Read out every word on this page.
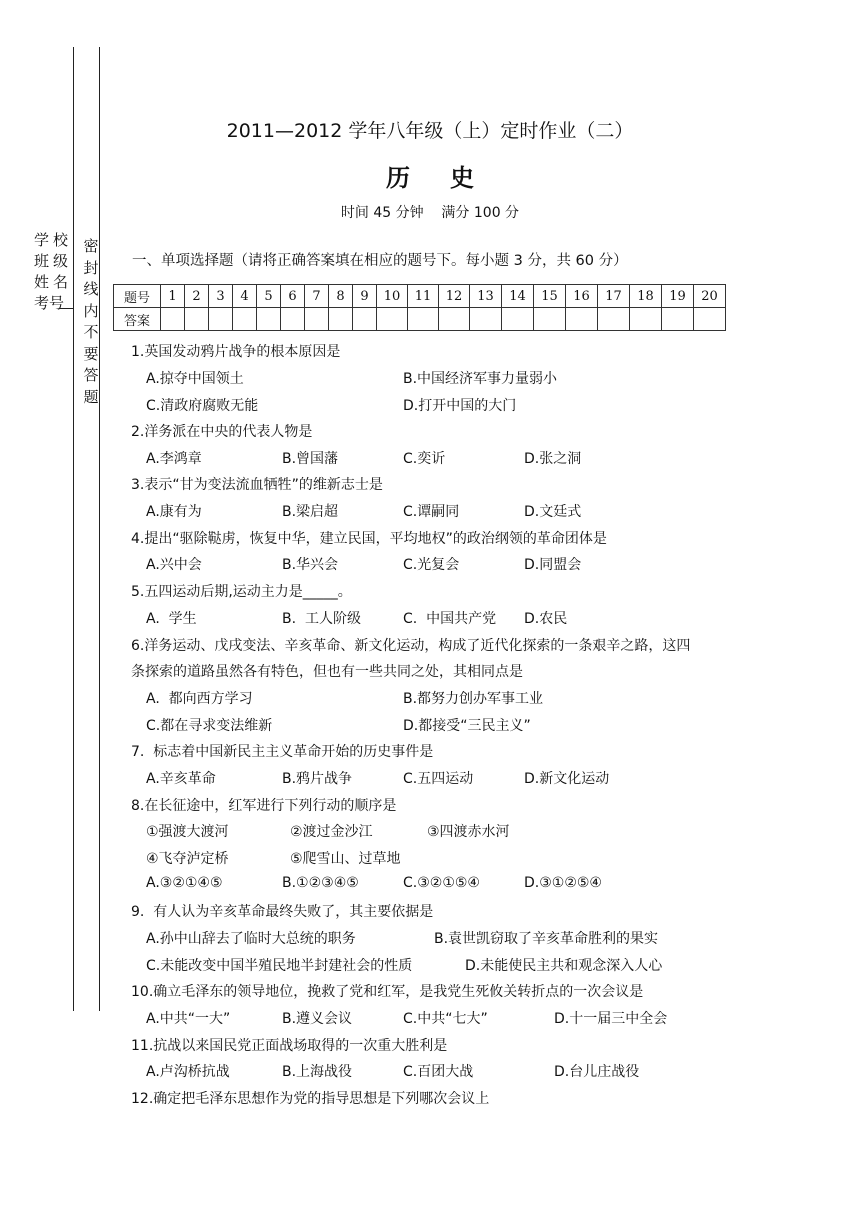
学校
班级
姓名
考号
密
封
线
内
不
要
答
题
2011—2012 学年八年级（上）定时作业（二）
历史
时间 45 分钟    满分 100 分
一、单项选择题（请将正确答案填在相应的题号下。每小题 3 分，共 60 分）
题号	1	2	3	4	5	6	7	8	9	10	11	12	13	14	15	16	17	18	19	20
答案																				
1.英国发动鸦片战争的根本原因是
A.掠夺中国领土	B.中国经济军事力量弱小
C.清政府腐败无能	D.打开中国的大门
2.洋务派在中央的代表人物是
A.李鸿章	B.曾国藩	C.奕䜣	D.张之洞
3.表示“甘为变法流血牺牲”的维新志士是
A.康有为	B.梁启超	C.谭嗣同	D.文廷式
4.提出“驱除鞑虏，恢复中华，建立民国，平均地权”的政治纲领的革命团体是
A.兴中会	B.华兴会	C.光复会	D.同盟会
5.五四运动后期,运动主力是_____。
A.  学生	B.  工人阶级	C.  中国共产党 D.农民
6.洋务运动、戊戌变法、辛亥革命、新文化运动，构成了近代化探索的一条艰辛之路，这四
条探索的道路虽然各有特色，但也有一些共同之处，其相同点是
A.  都向西方学习	B.都努力创办军事工业
C.都在寻求变法维新	D.都接受“三民主义”
7.  标志着中国新民主主义革命开始的历史事件是
A.辛亥革命	B.鸦片战争	C.五四运动	D.新文化运动
8.在长征途中，红军进行下列行动的顺序是
①强渡大渡河	②渡过金沙江	③四渡赤水河
④飞夺泸定桥	⑤爬雪山、过草地
A.③②①④⑤	B.①②③④⑤	C.③②①⑤④	D.③①②⑤④
9.  有人认为辛亥革命最终失败了，其主要依据是
A.孙中山辞去了临时大总统的职务	B.袁世凯窃取了辛亥革命胜利的果实
C.未能改变中国半殖民地半封建社会的性质	D.未能使民主共和观念深入人心
10.确立毛泽东的领导地位，挽救了党和红军，是我党生死攸关转折点的一次会议是
A.中共“一大”	B.遵义会议	C.中共“七大”	D.十一届三中全会
11.抗战以来国民党正面战场取得的一次重大胜利是
A.卢沟桥抗战	B.上海战役	C.百团大战	D.台儿庄战役
12.确定把毛泽东思想作为党的指导思想是下列哪次会议上
